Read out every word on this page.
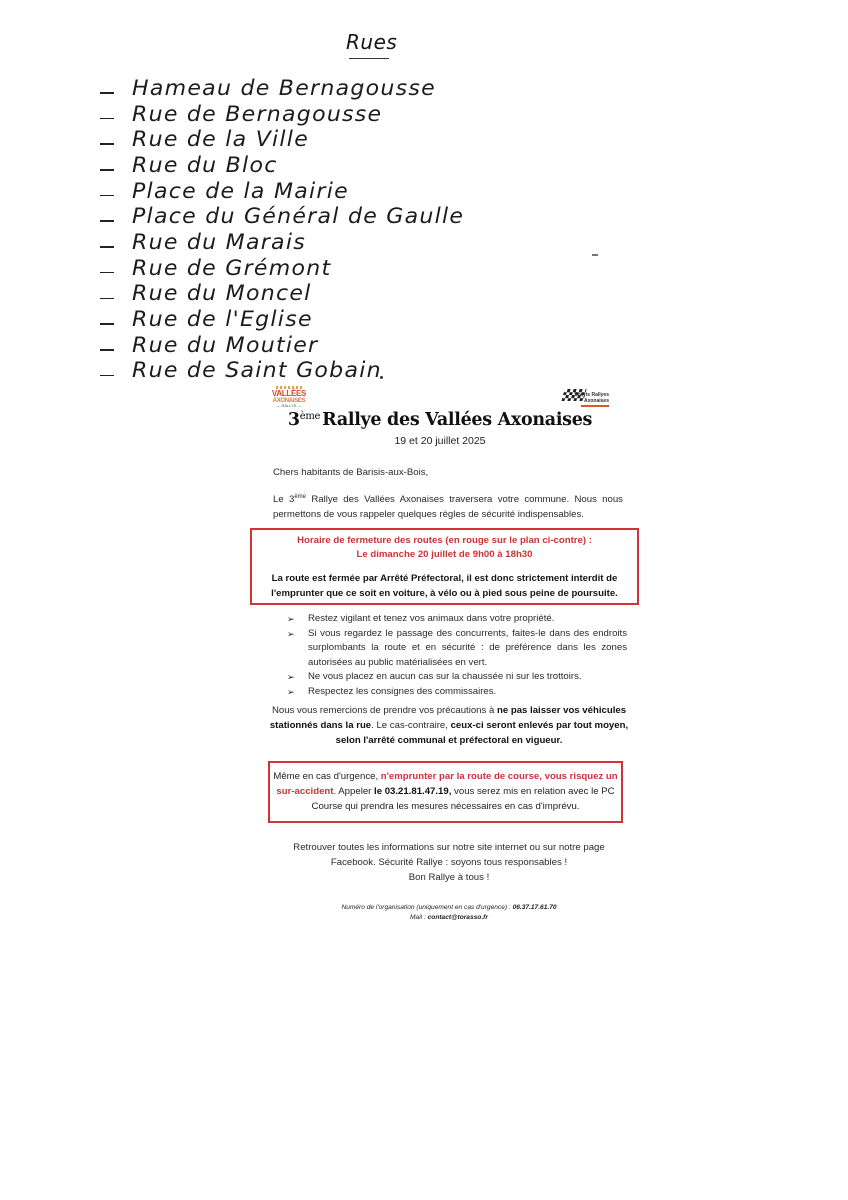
Rues
Hameau de Bernagousse
Rue de Bernagousse
Rue de la Ville
Rue du Bloc
Place de la Mairie
Place du Général de Gaulle
Rue du Marais
Rue de Grémont
Rue du Moncel
Rue de l'Eglise
Rue du Moutier
Rue de Saint Gobain
VALLÉES
AXONAISES
— RALLYE —
Sports Rallyes
Axonaises
3ème Rallye des Vallées Axonaises
19 et 20 juillet 2025
Chers habitants de Barisis-aux-Bois,
Le 3ème Rallye des Vallées Axonaises traversera votre commune. Nous nous permettons de vous rappeler quelques règles de sécurité indispensables.
Horaire de fermeture des routes (en rouge sur le plan ci-contre) :
Le dimanche 20 juillet de 9h00 à 18h30
La route est fermée par Arrêté Préfectoral, il est donc strictement interdit de l'emprunter que ce soit en voiture, à vélo ou à pied sous peine de poursuite.
➢ Restez vigilant et tenez vos animaux dans votre propriété.
➢ Si vous regardez le passage des concurrents, faites-le dans des endroits surplombants la route et en sécurité : de préférence dans les zones autorisées au public matérialisées en vert.
➢ Ne vous placez en aucun cas sur la chaussée ni sur les trottoirs.
➢ Respectez les consignes des commissaires.
Nous vous remercions de prendre vos précautions à ne pas laisser vos véhicules stationnés dans la rue. Le cas-contraire, ceux-ci seront enlevés par tout moyen, selon l'arrêté communal et préfectoral en vigueur.
Même en cas d'urgence, n'emprunter par la route de course, vous risquez un sur-accident. Appeler le 03.21.81.47.19, vous serez mis en relation avec le PC Course qui prendra les mesures nécessaires en cas d'imprévu.
Retrouver toutes les informations sur notre site internet ou sur notre page
Facebook. Sécurité Rallye : soyons tous responsables !
Bon Rallye à tous !
Numéro de l'organisation (uniquement en cas d'urgence) : 06.37.17.61.70
Mail : contact@torasso.fr
